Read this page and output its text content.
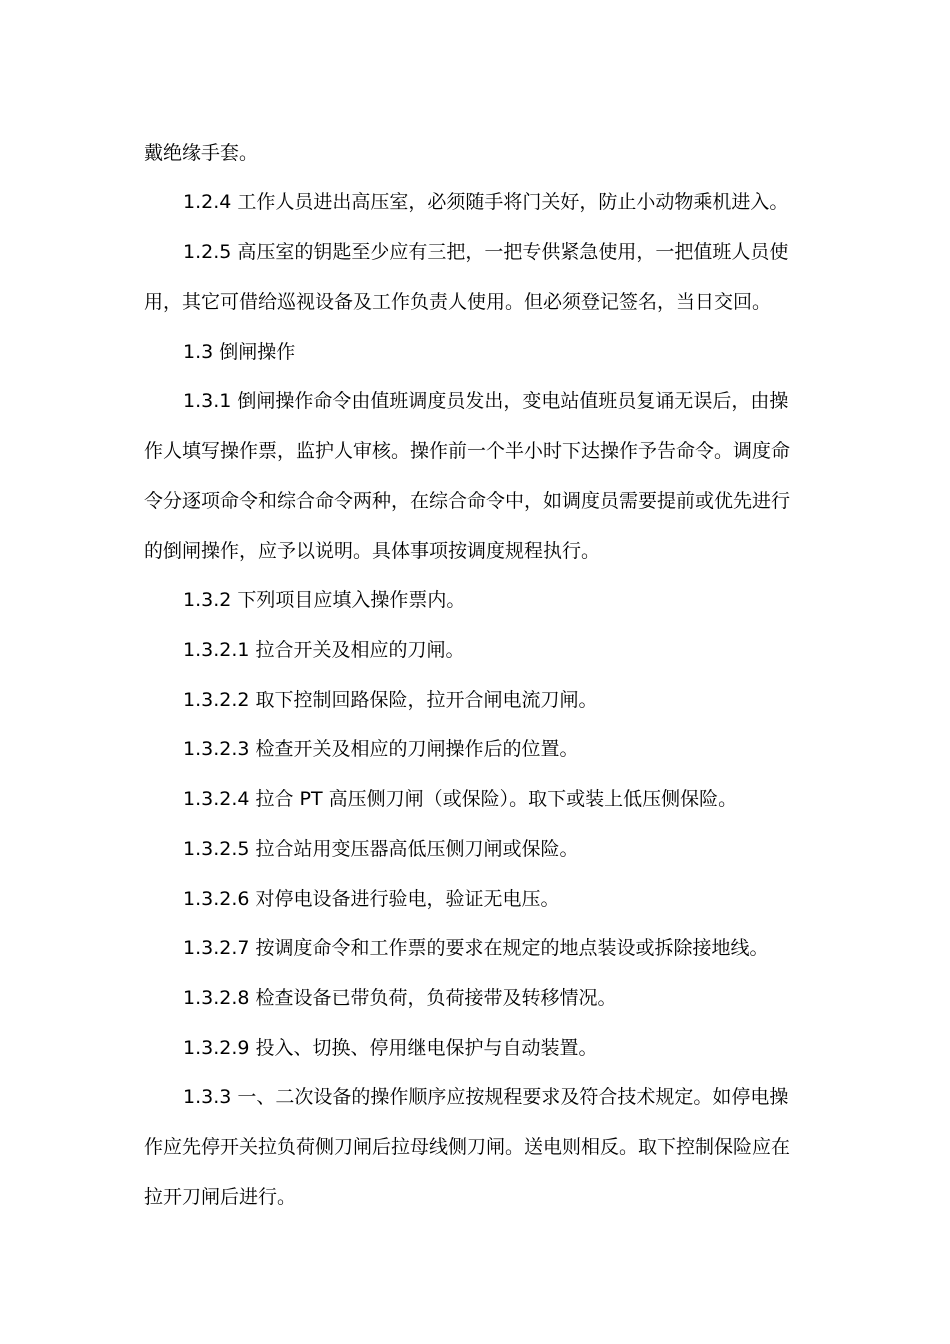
戴绝缘手套。
1.2.4 工作人员进出高压室，必须随手将门关好，防止小动物乘机进入。
1.2.5 高压室的钥匙至少应有三把，一把专供紧急使用，一把值班人员使
用，其它可借给巡视设备及工作负责人使用。但必须登记签名，当日交回。
1.3 倒闸操作
1.3.1 倒闸操作命令由值班调度员发出，变电站值班员复诵无误后，由操
作人填写操作票，监护人审核。操作前一个半小时下达操作予告命令。调度命
令分逐项命令和综合命令两种，在综合命令中，如调度员需要提前或优先进行
的倒闸操作，应予以说明。具体事项按调度规程执行。
1.3.2 下列项目应填入操作票内。
1.3.2.1 拉合开关及相应的刀闸。
1.3.2.2 取下控制回路保险，拉开合闸电流刀闸。
1.3.2.3 检查开关及相应的刀闸操作后的位置。
1.3.2.4 拉合 PT 高压侧刀闸（或保险）。取下或装上低压侧保险。
1.3.2.5 拉合站用变压器高低压侧刀闸或保险。
1.3.2.6 对停电设备进行验电，验证无电压。
1.3.2.7 按调度命令和工作票的要求在规定的地点装设或拆除接地线。
1.3.2.8 检查设备已带负荷，负荷接带及转移情况。
1.3.2.9 投入、切换、停用继电保护与自动装置。
1.3.3 一、二次设备的操作顺序应按规程要求及符合技术规定。如停电操
作应先停开关拉负荷侧刀闸后拉母线侧刀闸。送电则相反。取下控制保险应在
拉开刀闸后进行。
